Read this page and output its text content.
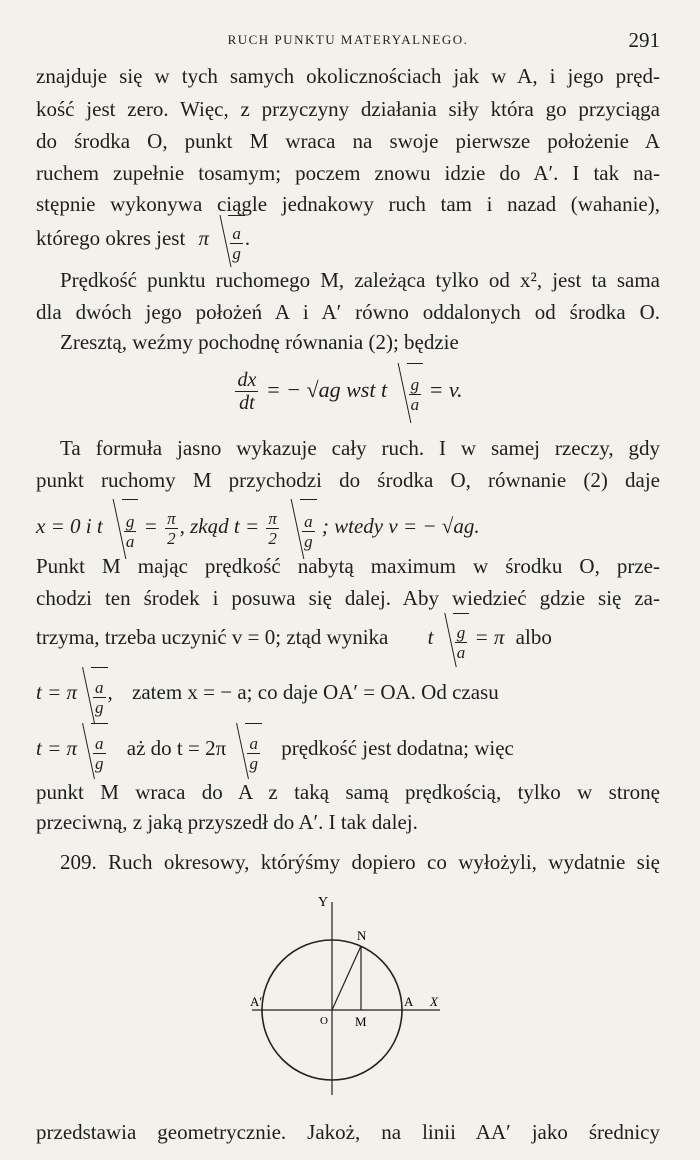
RUCH PUNKTU MATERYALNEGO.	291
znajduje się w tych samych okolicznościach jak w A, i jego pręd-
kość jest zero. Więc, z przyczyny działania siły która go przyciąga
do środka O, punkt M wraca na swoje pierwsze położenie A
ruchem zupełnie tosamym; poczem znowu idzie do A′. I tak na-
stępnie wykonywa ciągle jednakowy ruch tam i nazad (wahanie),
którego okres jest π $\frac{a}{g}$ .
Prędkość punktu ruchomego M, zależąca tylko od x², jest ta sama
dla dwóch jego położeń A i A′ równo oddalonych od środka O.
Zresztą, weźmy pochodnę równania (2); będzie
$\frac{dx}{dt}$ = − √ag wst t $\frac{g}{a} = v$.
Ta formuła jasno wykazuje cały ruch. I w samej rzeczy, gdy
punkt ruchomy M przychodzi do środka O, równanie (2) daje
x = 0 i t $\frac{g}{a} = \frac{\pi}{2}$ , zkąd $t = \frac{\pi}{2}$
$\frac{a}{g}$ ; wtedy v = − √ag.
Punkt M mając prędkość nabytą maximum w środku O, prze-
chodzi ten środek i posuwa się dalej. Aby wiedzieć gdzie się za-
trzyma, trzeba uczynić v = 0; ztąd wynika t $\frac{g}{a} = \pi$ albo
t = π $\frac{a}{g}$ , zatem x = − a; co daje OA′ = OA. Od czasu
t = π $\frac{a}{g}$ aż do $t = 2\pi \frac{a}{g}$ prędkość jest dodatna; więc
punkt M wraca do A z taką samą prędkością, tylko w stronę
przeciwną, z jaką przyszedł do A′. I tak dalej.
209. Ruch okresowy, którýśmy dopiero co wyłożyli, wydatnie się
Y
N
A′	A X
O M
przedstawia geometrycznie. Jakoż, na linii AA′ jako średnicy
